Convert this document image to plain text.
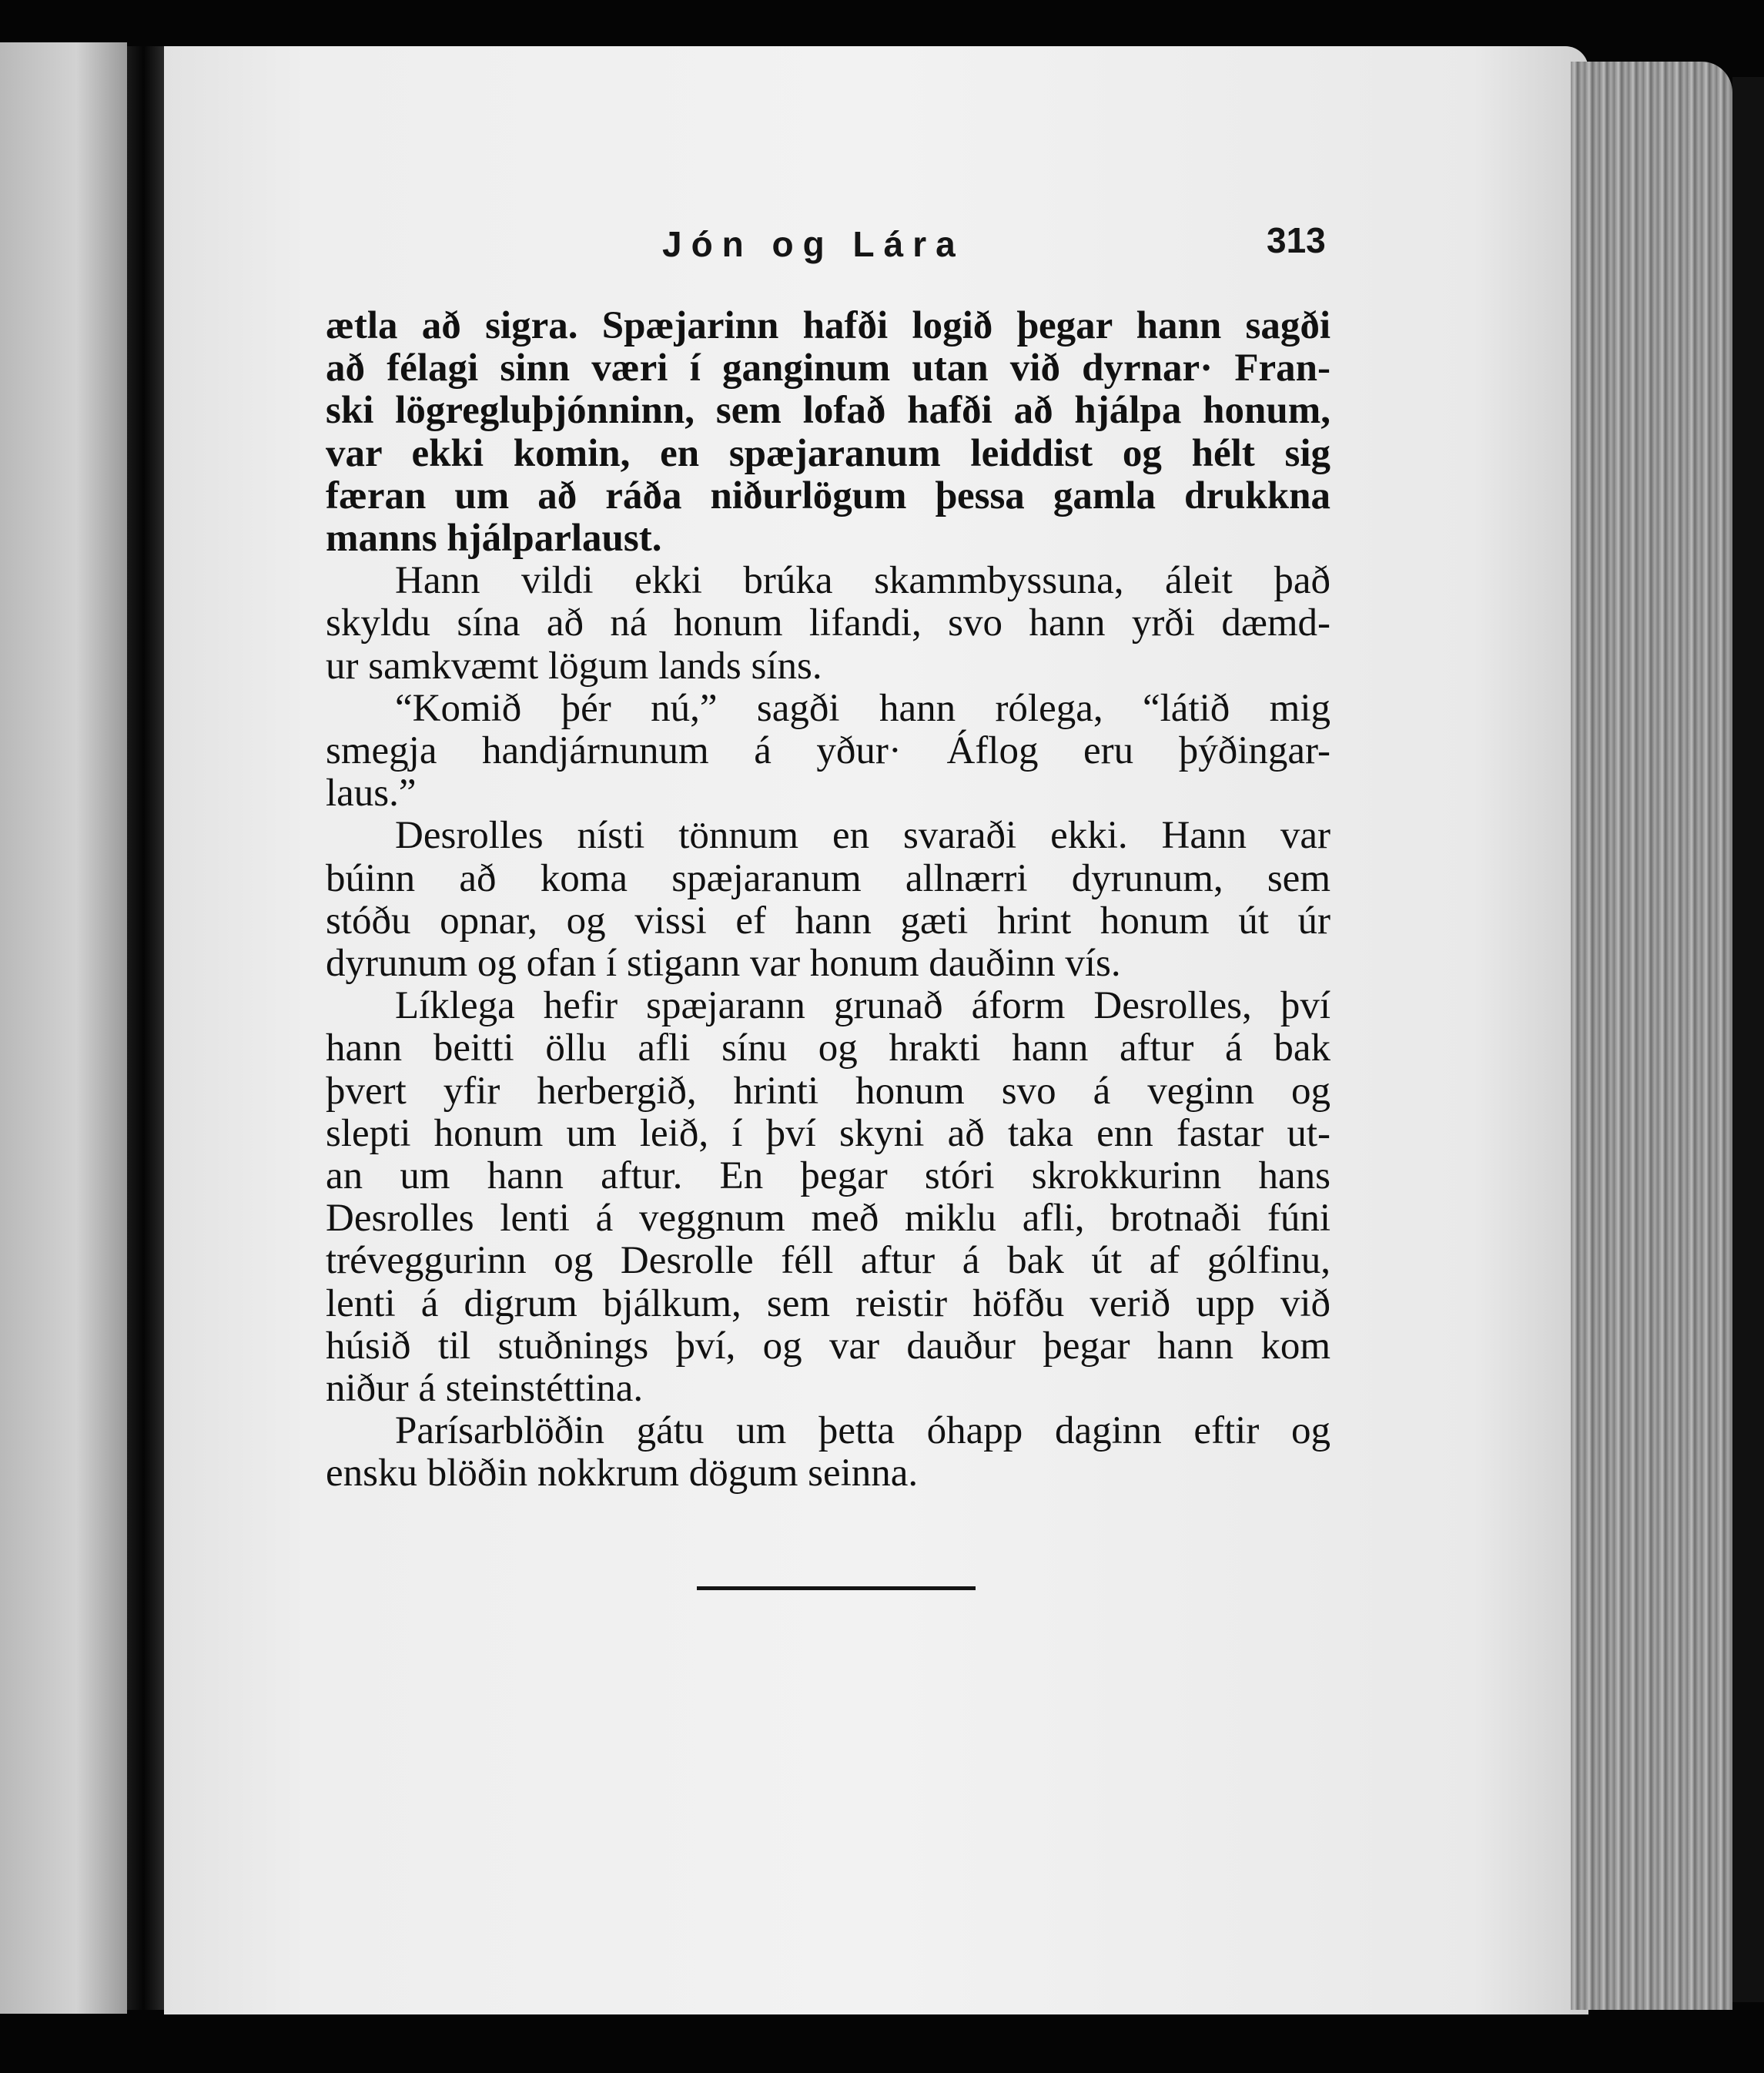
Jón og Lára	313

ætla að sigra. Spæjarinn hafði logið þegar hann sagði
að félagi sinn væri í ganginum utan við dyrnar· Fran-
ski lögregluþjónninn, sem lofað hafði að hjálpa honum,
var ekki komin, en spæjaranum leiddist og hélt sig
færan um að ráða niðurlögum þessa gamla drukkna
manns hjálparlaust.

Hann vildi ekki brúka skammbyssuna, áleit það
skyldu sína að ná honum lifandi, svo hann yrði dæmd-
ur samkvæmt lögum lands síns.

“Komið þér nú,” sagði hann rólega, “látið mig
smegja handjárnunum á yður· Áflog eru þýðingar-
laus.”

Desrolles nísti tönnum en svaraði ekki. Hann var
búinn að koma spæjaranum allnærri dyrunum, sem
stóðu opnar, og vissi ef hann gæti hrint honum út úr
dyrunum og ofan í stigann var honum dauðinn vís.

Líklega hefir spæjarann grunað áform Desrolles, því
hann beitti öllu afli sínu og hrakti hann aftur á bak
þvert yfir herbergið, hrinti honum svo á veginn og
slepti honum um leið, í því skyni að taka enn fastar ut-
an um hann aftur. En þegar stóri skrokkurinn hans
Desrolles lenti á veggnum með miklu afli, brotnaði fúni
tréveggurinn og Desrolle féll aftur á bak út af gólfinu,
lenti á digrum bjálkum, sem reistir höfðu verið upp við
húsið til stuðnings því, og var dauður þegar hann kom
niður á steinstéttina.

Parísarblöðin gátu um þetta óhapp daginn eftir og
ensku blöðin nokkrum dögum seinna.
